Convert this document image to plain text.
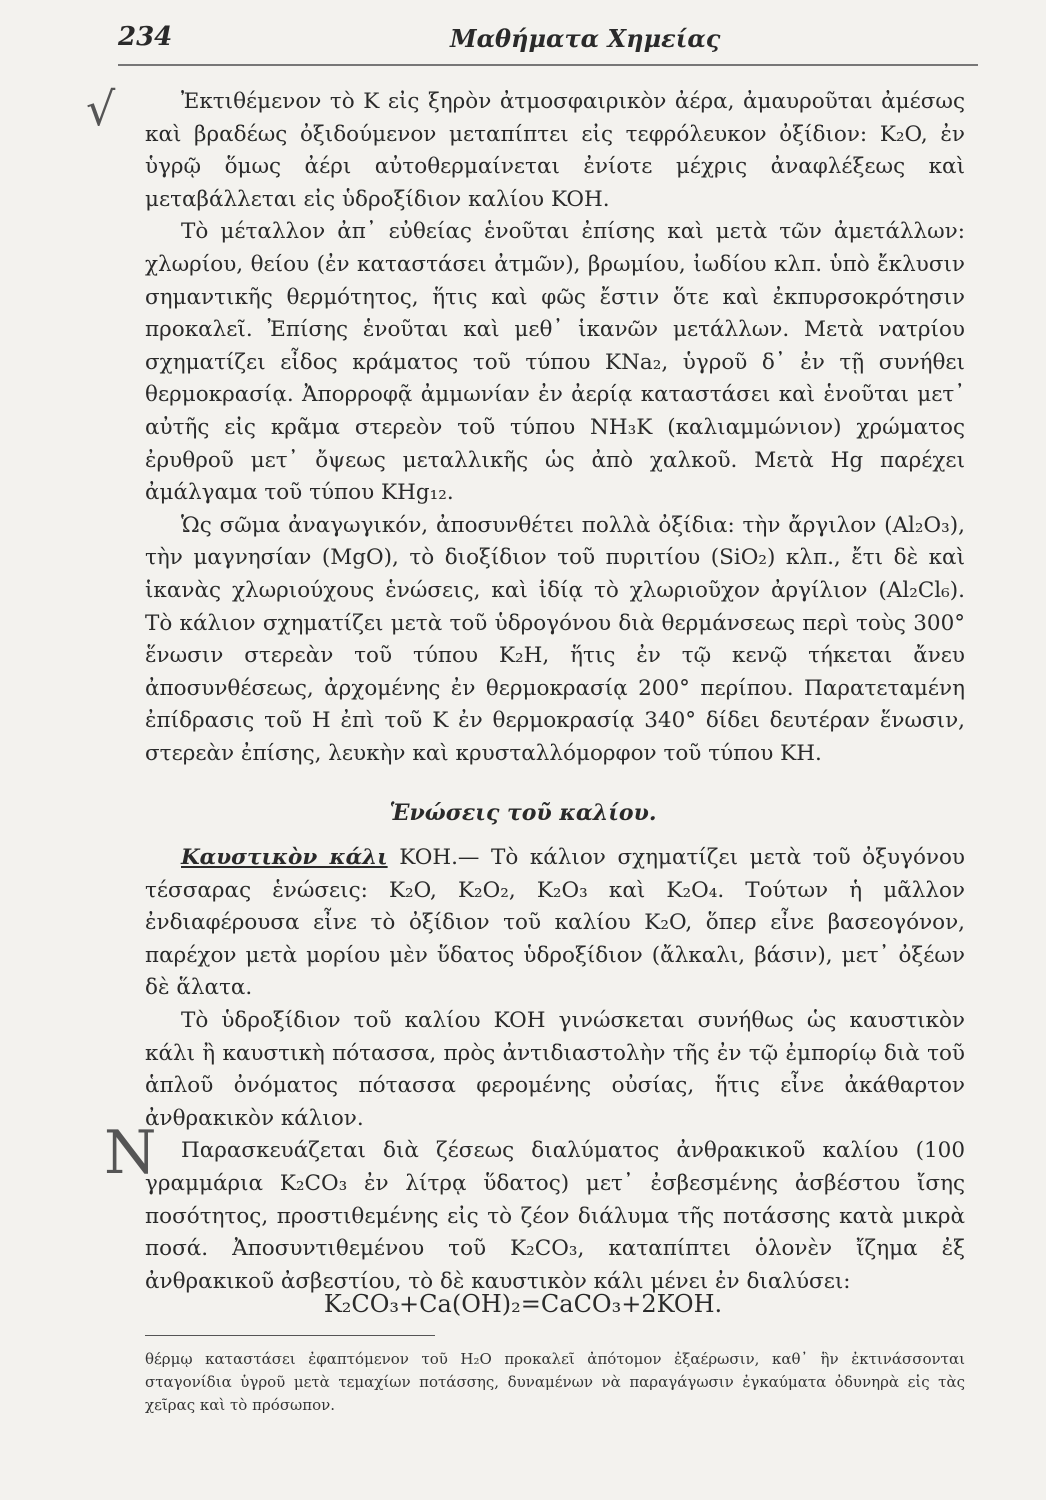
234	Μαθήματα Χημείας
√	Ἐκτιθέμενον τὸ K εἰς ξηρὸν ἀτμοσφαιρικὸν ἀέρα, ἀμαυροῦται ἀμέσως καὶ βραδέως ὀξιδούμενον μεταπίπτει εἰς τεφρόλευκον ὀξίδιον: K₂O, ἐν ὑγρῷ ὅμως ἀέρι αὐτοθερμαίνεται ἐνίοτε μέχρις ἀναφλέξεως καὶ μεταβάλλεται εἰς ὑδροξίδιον καλίου KOH.

Τὸ μέταλλον ἀπ᾽ εὐθείας ἑνοῦται ἐπίσης καὶ μετὰ τῶν ἀμετάλλων: χλωρίου, θείου (ἐν καταστάσει ἀτμῶν), βρωμίου, ἰωδίου κλπ. ὑπὸ ἔκλυσιν σημαντικῆς θερμότητος, ἥτις καὶ φῶς ἔστιν ὅτε καὶ ἐκπυρσοκρότησιν προκαλεῖ. Ἐπίσης ἑνοῦται καὶ μεθ᾽ ἱκανῶν μετάλλων. Μετὰ νατρίου σχηματίζει εἶδος κράματος τοῦ τύπου KNa₂, ὑγροῦ δ᾽ ἐν τῇ συνήθει θερμοκρασίᾳ. Ἀπορροφᾷ ἀμμωνίαν ἐν ἀερίᾳ καταστάσει καὶ ἑνοῦται μετ᾽ αὐτῆς εἰς κρᾶμα στερεὸν τοῦ τύπου NH₃K (καλιαμμώνιον) χρώματος ἐρυθροῦ μετ᾽ ὄψεως μεταλλικῆς ὡς ἀπὸ χαλκοῦ. Μετὰ Hg παρέχει ἀμάλγαμα τοῦ τύπου KHg₁₂.

Ὡς σῶμα ἀναγωγικόν, ἀποσυνθέτει πολλὰ ὀξίδια: τὴν ἄργιλον (Al₂O₃), τὴν μαγνησίαν (MgO), τὸ διοξίδιον τοῦ πυριτίου (SiO₂) κλπ., ἔτι δὲ καὶ ἱκανὰς χλωριούχους ἑνώσεις, καὶ ἰδίᾳ τὸ χλωριοῦχον ἀργίλιον (Al₂Cl₆). Τὸ κάλιον σχηματίζει μετὰ τοῦ ὑδρογόνου διὰ θερμάνσεως περὶ τοὺς 300° ἕνωσιν στερεὰν τοῦ τύπου K₂H, ἥτις ἐν τῷ κενῷ τήκεται ἄνευ ἀποσυνθέσεως, ἀρχομένης ἐν θερμοκρασίᾳ 200° περίπου. Παρατεταμένη ἐπίδρασις τοῦ H ἐπὶ τοῦ K ἐν θερμοκρασίᾳ 340° δίδει δευτέραν ἕνωσιν, στερεὰν ἐπίσης, λευκὴν καὶ κρυσταλλόμορφον τοῦ τύπου KH.

Ἑνώσεις τοῦ καλίου.
N

Καυστικὸν κάλι KOH.— Τὸ κάλιον σχηματίζει μετὰ τοῦ ὀξυγόνου τέσσαρας ἑνώσεις: K₂O, K₂O₂, K₂O₃ καὶ K₂O₄. Τούτων ἡ μᾶλλον ἐνδιαφέρουσα εἶνε τὸ ὀξίδιον τοῦ καλίου K₂O, ὅπερ εἶνε βασεογόνον, παρέχον μετὰ μορίου μὲν ὕδατος ὑδροξίδιον (ἄλκαλι, βάσιν), μετ᾽ ὀξέων δὲ ἅλατα.

Τὸ ὑδροξίδιον τοῦ καλίου KOH γινώσκεται συνήθως ὡς καυστικὸν κάλι ἢ καυστικὴ πότασσα, πρὸς ἀντιδιαστολὴν τῆς ἐν τῷ ἐμπορίῳ διὰ τοῦ ἁπλοῦ ὀνόματος πότασσα φερομένης οὐσίας, ἥτις εἶνε ἀκάθαρτον ἀνθρακικὸν κάλιον.

Παρασκευάζεται διὰ ζέσεως διαλύματος ἀνθρακικοῦ καλίου (100 γραμμάρια K₂CO₃ ἐν λίτρᾳ ὕδατος) μετ᾽ ἐσβεσμένης ἀσβέστου ἴσης ποσότητος, προστιθεμένης εἰς τὸ ζέον διάλυμα τῆς ποτάσσης κατὰ μικρὰ ποσά. Ἀποσυντιθεμένου τοῦ K₂CO₃, καταπίπτει ὁλονὲν ἴζημα ἐξ ἀνθρακικοῦ ἀσβεστίου, τὸ δὲ καυστικὸν κάλι μένει ἐν διαλύσει:

K₂CO₃+Ca(OH)₂=CaCO₃+2KOH.
θέρμῳ καταστάσει ἐφαπτόμενον τοῦ H₂O προκαλεῖ ἀπότομον ἐξαέρωσιν, καθ᾽ ἣν ἐκτινάσσονται σταγονίδια ὑγροῦ μετὰ τεμαχίων ποτάσσης, δυναμένων νὰ παραγάγωσιν ἐγκαύματα ὀδυνηρὰ εἰς τὰς χεῖρας καὶ τὸ πρόσωπον.
